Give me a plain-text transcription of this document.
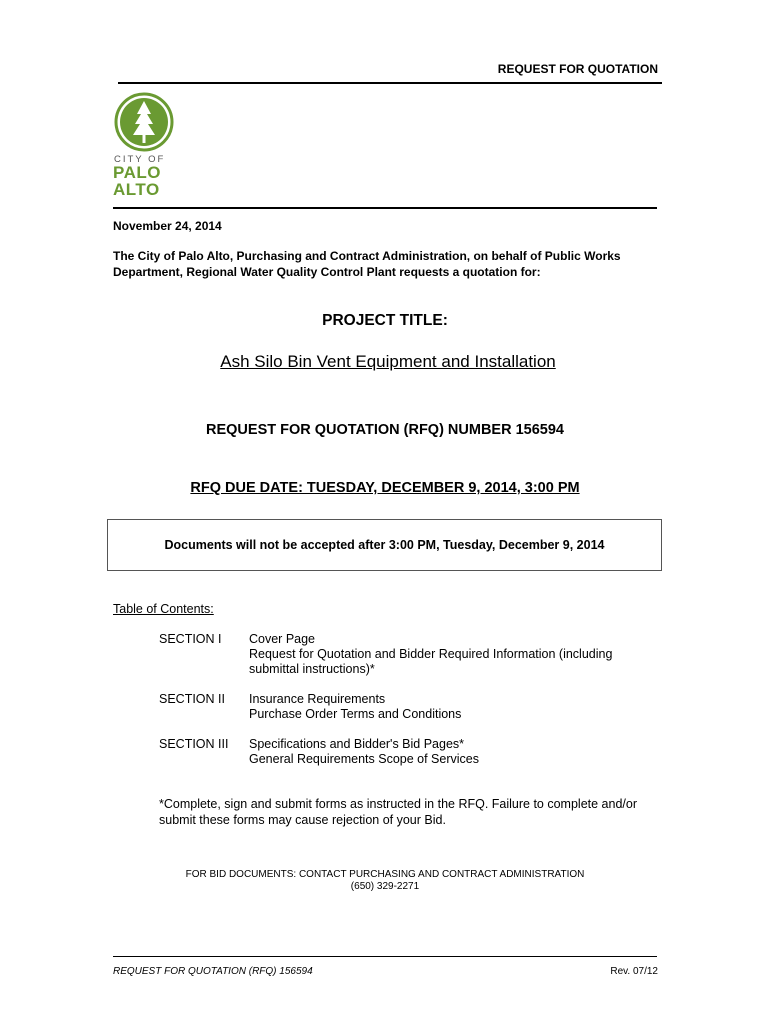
REQUEST FOR QUOTATION
CITY OF
PALO
ALTO
November 24, 2014
The City of Palo Alto, Purchasing and Contract Administration, on behalf of Public Works Department, Regional Water Quality Control Plant requests a quotation for:
PROJECT TITLE:
Ash Silo Bin Vent Equipment and Installation
REQUEST FOR QUOTATION (RFQ) NUMBER 156594
RFQ DUE DATE: TUESDAY, DECEMBER 9, 2014, 3:00 PM
Documents will not be accepted after 3:00 PM, Tuesday, December 9, 2014
Table of Contents:
SECTION I Cover Page
Request for Quotation and Bidder Required Information (including
submittal instructions)*
SECTION II Insurance Requirements
Purchase Order Terms and Conditions
SECTION III Specifications and Bidder's Bid Pages*
General Requirements Scope of Services
*Complete, sign and submit forms as instructed in the RFQ. Failure to complete and/or submit these forms may cause rejection of your Bid.
FOR BID DOCUMENTS: CONTACT PURCHASING AND CONTRACT ADMINISTRATION
(650) 329-2271
REQUEST FOR QUOTATION (RFQ) 156594	Rev. 07/12
